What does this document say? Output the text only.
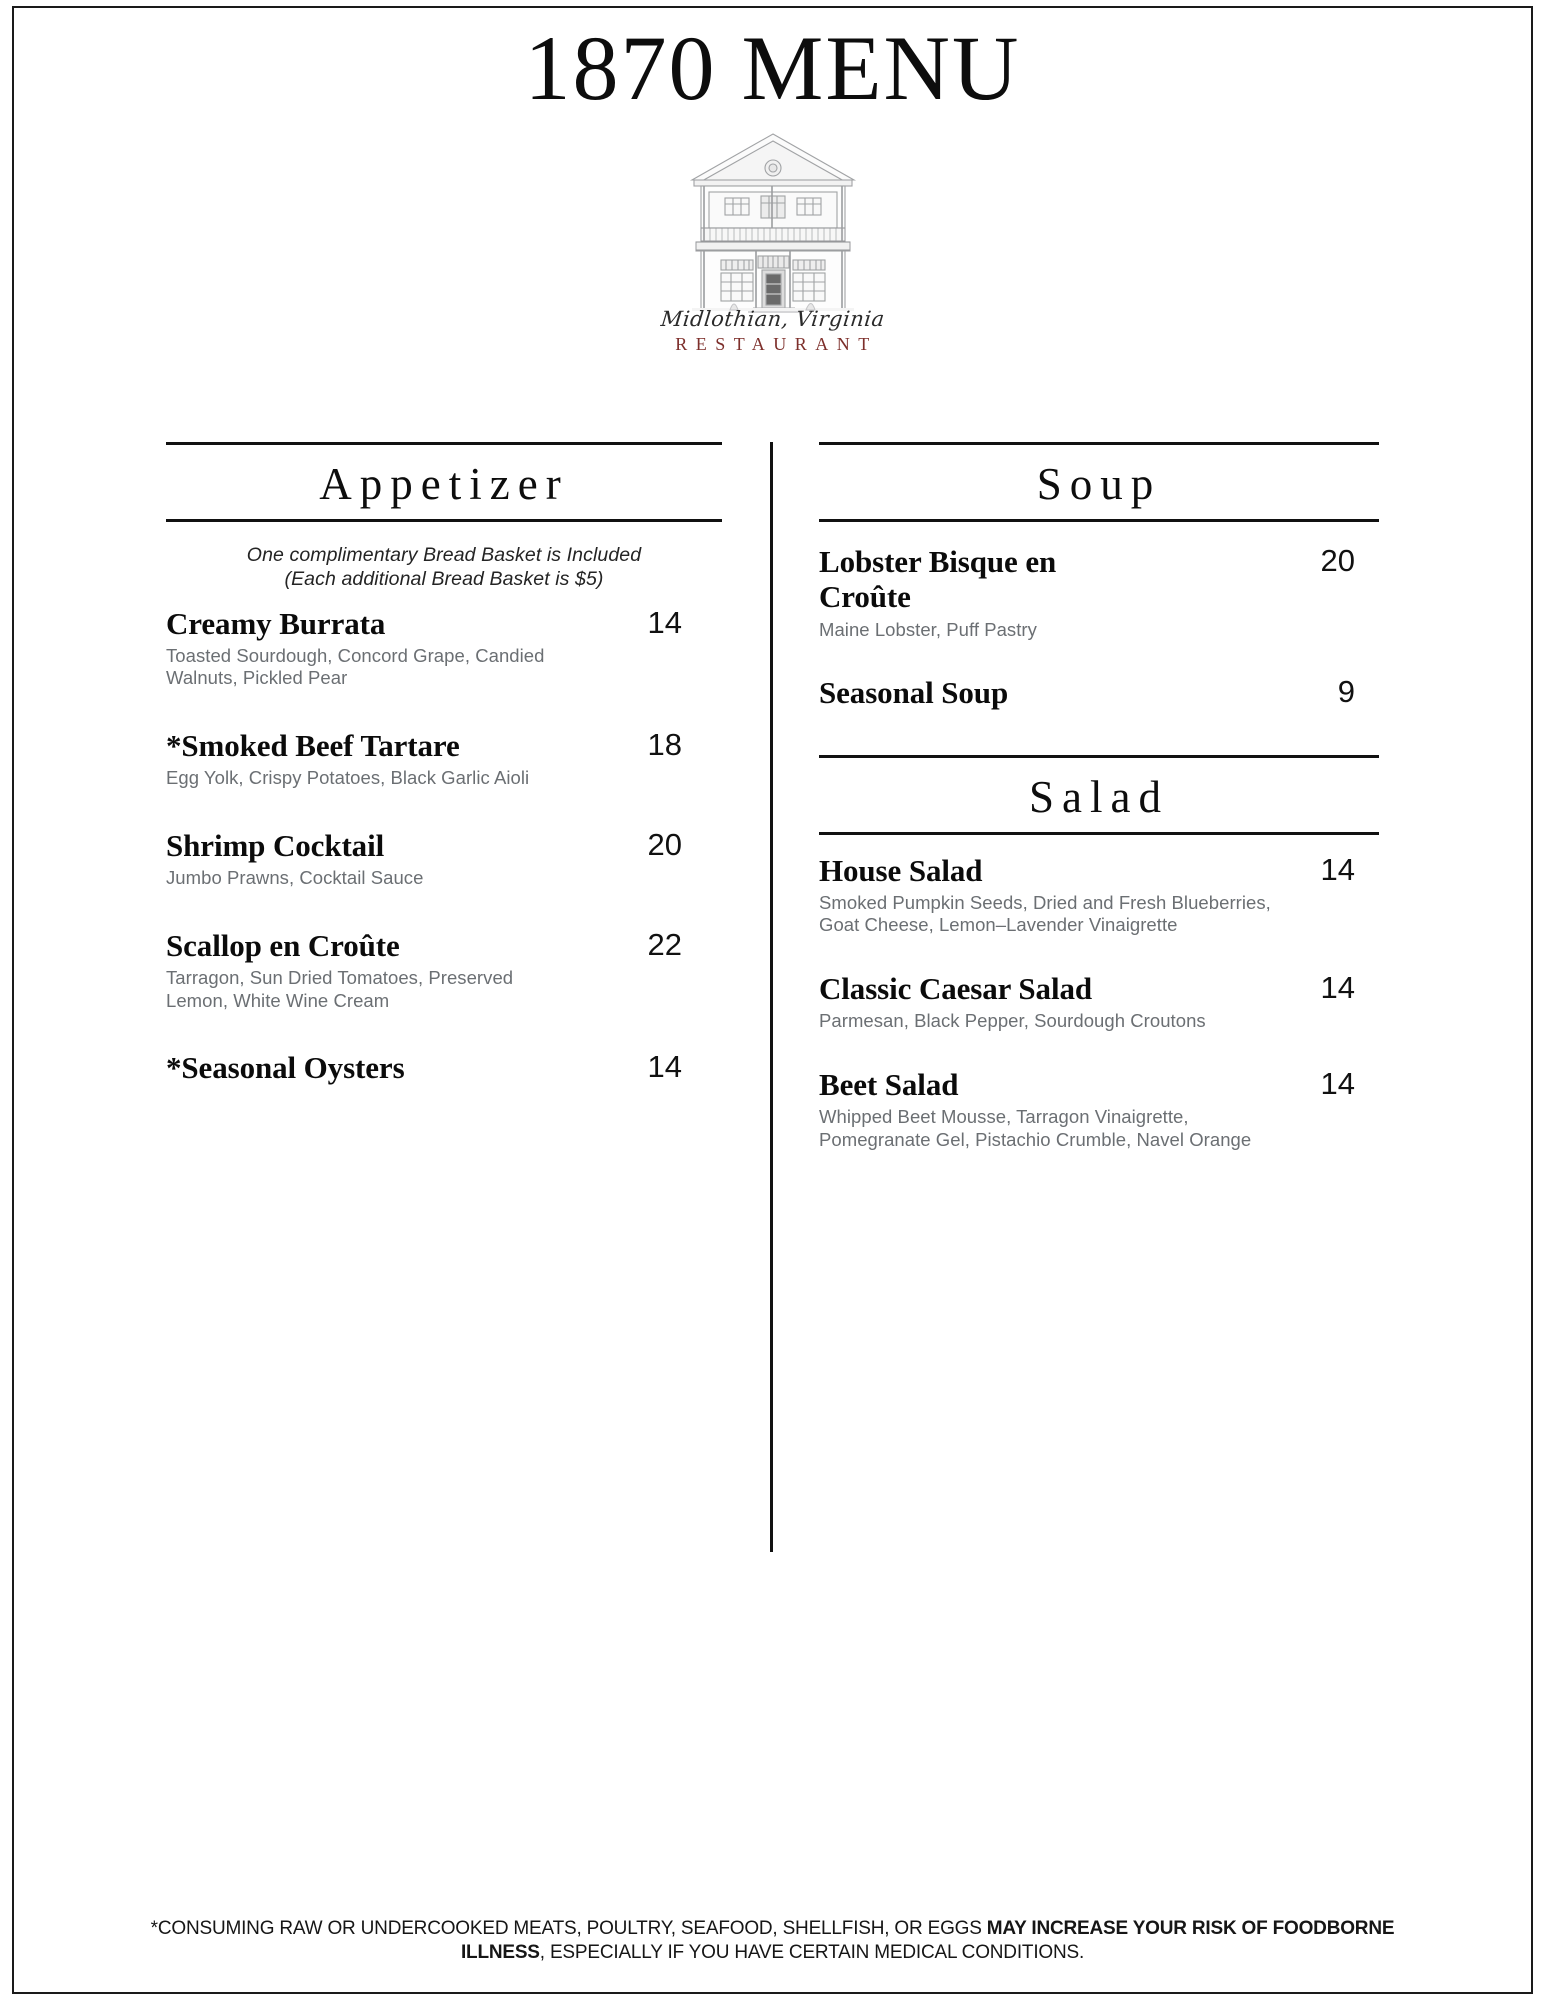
1870 MENU
Midlothian, Virginia
RESTAURANT
Appetizer
One complimentary Bread Basket is Included
(Each additional Bread Basket is $5)
Creamy Burrata	14
Toasted Sourdough, Concord Grape, Candied Walnuts, Pickled Pear
*Smoked Beef Tartare	18
Egg Yolk, Crispy Potatoes, Black Garlic Aioli
Shrimp Cocktail	20
Jumbo Prawns, Cocktail Sauce
Scallop en Croûte	22
Tarragon, Sun Dried Tomatoes, Preserved Lemon, White Wine Cream
*Seasonal Oysters	14
Soup
Lobster Bisque en Croûte
20
Maine Lobster, Puff Pastry
Seasonal Soup	9
Salad
House Salad	14
Smoked Pumpkin Seeds, Dried and Fresh Blueberries, Goat Cheese, Lemon–Lavender Vinaigrette
Classic Caesar Salad	14
Parmesan, Black Pepper, Sourdough Croutons
Beet Salad	14
Whipped Beet Mousse, Tarragon Vinaigrette, Pomegranate Gel, Pistachio Crumble, Navel Orange
*CONSUMING RAW OR UNDERCOOKED MEATS, POULTRY, SEAFOOD, SHELLFISH, OR EGGS MAY INCREASE YOUR RISK OF FOODBORNE ILLNESS, ESPECIALLY IF YOU HAVE CERTAIN MEDICAL CONDITIONS.
